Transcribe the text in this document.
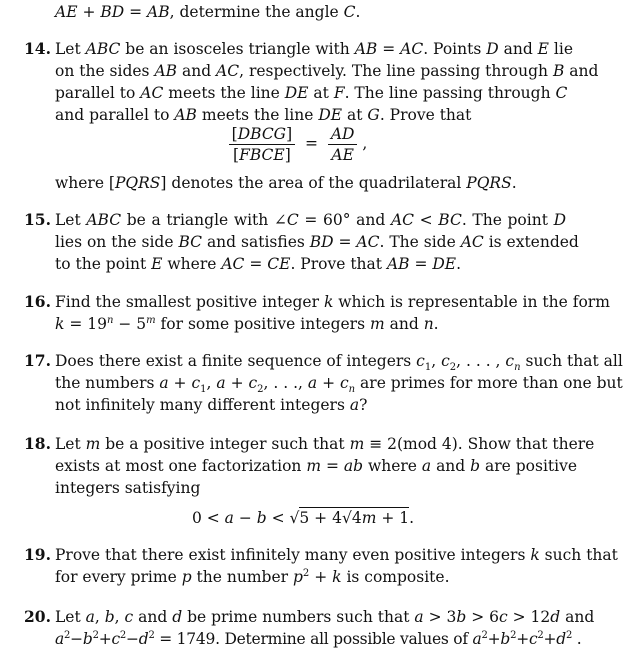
AE + BD = AB, determine the angle C.
14. Let ABC be an isosceles triangle with AB = AC. Points D and E lie
on the sides AB and AC, respectively. The line passing through B and
parallel to AC meets the line DE at F. The line passing through C
and parallel to AB meets the line DE at G. Prove that
$\frac{\text{[DBCG]}}{\text{[FBCE]}} = \frac{AD}{AE}$ ,
where [PQRS] denotes the area of the quadrilateral PQRS.
15. Let ABC be a triangle with ∠C = 60° and AC < BC. The point D
lies on the side BC and satisfies BD = AC. The side AC is extended
to the point E where AC = CE. Prove that AB = DE.
16. Find the smallest positive integer k which is representable in the form
$k = 19^n - 5^m$ for some positive integers m and n.
17. Does there exist a finite sequence of integers $c_1$, $c_2$, . . . , $c_n$ such that all
the numbers $a + c_1$, $a + c_2$, . . ., $a + c_n$ are primes for more than one but
not infinitely many different integers a?
18. Let m be a positive integer such that m ≡ 2(mod 4). Show that there
exists at most one factorization m = ab where a and b are positive
integers satisfying
0 < a − b < √5 + 4√4m + 1.
19. Prove that there exist infinitely many even positive integers k such that
for every prime p the number $p^2 + k$ is composite.
20. Let a, b, c and d be prime numbers such that a > 3b > 6c > 12d and
$a^2-b^2+c^2-d^2 = 1749$. Determine all possible values of $a^2+b^2+c^2+d^2$ .
